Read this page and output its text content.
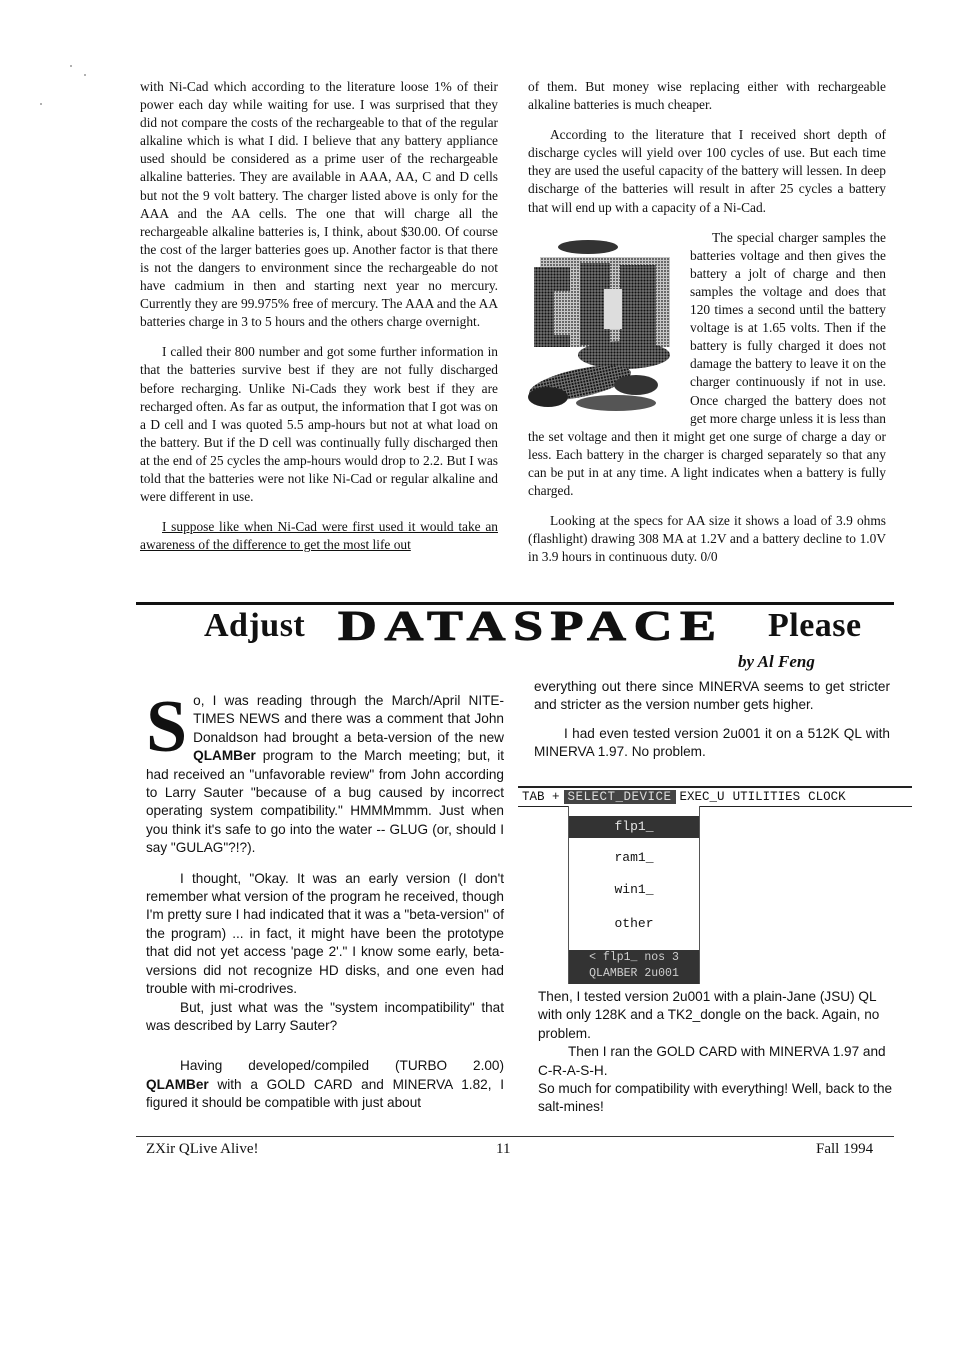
with Ni-Cad which according to the literature loose 1% of their power each day while waiting for use. I was surprised that they did not compare the costs of the rechargeable to that of the regular alkaline which is what I did. I believe that any battery appliance used should be considered as a prime user of the rechargeable alkaline batteries. They are available in AAA, AA, C and D cells but not the 9 volt battery. The charger listed above is only for the AAA and the AA cells. The one that will charge all the rechargeable alkaline batteries is, I think, about $30.00. Of course the cost of the larger batteries goes up. Another factor is that there is not the dangers to environment since the rechargeable do not have cadmium in then and starting next year no mercury. Currently they are 99.975% free of mercury. The AAA and the AA batteries charge in 3 to 5 hours and the others charge overnight.

I called their 800 number and got some further information in that the batteries survive best if they are not fully discharged before recharging. Unlike Ni-Cads they work best if they are recharged often. As far as output, the information that I got was on a D cell and I was quoted 5.5 amp-hours but not at what load on the battery. But if the D cell was continually fully discharged then at the end of 25 cycles the amp-hours would drop to 2.2. But I was told that the batteries were not like Ni-Cad or regular alkaline and were different in use.

I suppose like when Ni-Cad were first used it would take an awareness of the difference to get the most life out

of them. But money wise replacing either with rechargeable alkaline batteries is much cheaper.

According to the literature that I received short depth of discharge cycles will yield over 100 cycles of use. But each time they are used the useful capacity of the battery will lessen. In deep discharge of the batteries will result in after 25 cycles a battery that will end up with a capacity of a Ni-Cad.

The special charger samples the batteries voltage and then gives the battery a jolt of charge and then samples the voltage and does that 120 times a second until the battery voltage is at 1.65 volts. Then if the battery is fully charged it does not damage the battery to leave it on the charger continuously if not in use. Once charged the battery does not get more charge unless it is less than the set voltage and then it might get one surge of charge a day or less. Each battery in the charger is charged separately so that any can be put in at any time. A light indicates when a battery is fully charged.

Looking at the specs for AA size it shows a load of 3.9 ohms (flashlight) drawing 308 MA at 1.2V and a battery decline to 1.0V in 3.9 hours in continuous duty. 0/0

Adjust DATASPACE Please
by Al Feng

So, I was reading through the March/April NITE-TIMES NEWS and there was a comment that John Donaldson had brought a beta-version of the new QLAMBer program to the March meeting; but, it had received an "unfavorable review" from John according to Larry Sauter "because of a bug caused by incorrect operating system compatibility." HMMMmmm. Just when you think it's safe to go into the water -- GLUG (or, should I say "GULAG"?!?).

I thought, "Okay. It was an early version (I don't remember what version of the program he received, though I'm pretty sure I had indicated that it was a "beta-version" of the program) ... in fact, it might have been the prototype that did not yet access 'page 2'." I know some early, beta-versions did not recognize HD disks, and one even had trouble with mi-crodrives.

But, just what was the "system incompatibility" that was described by Larry Sauter?

Having developed/compiled (TURBO 2.00) QLAMBer with a GOLD CARD and MINERVA 1.82, I figured it should be compatible with just about

everything out there since MINERVA seems to get stricter and stricter as the version number gets higher.

I had even tested version 2u001 it on a 512K QL with MINERVA 1.97. No problem.

TAB + SELECT_DEVICE EXEC_U UTILITIES CLOCK
flp1_
ram1_
win1_
other
< flp1_ nos 3
QLAMBER 2u001

Then, I tested version 2u001 with a plain-Jane (JSU) QL with only 128K and a TK2_dongle on the back. Again, no problem.

Then I ran the GOLD CARD with MINERVA 1.97 and C-R-A-S-H.

So much for compatibility with everything! Well, back to the salt-mines!

ZXir QLive Alive!	11	Fall 1994
